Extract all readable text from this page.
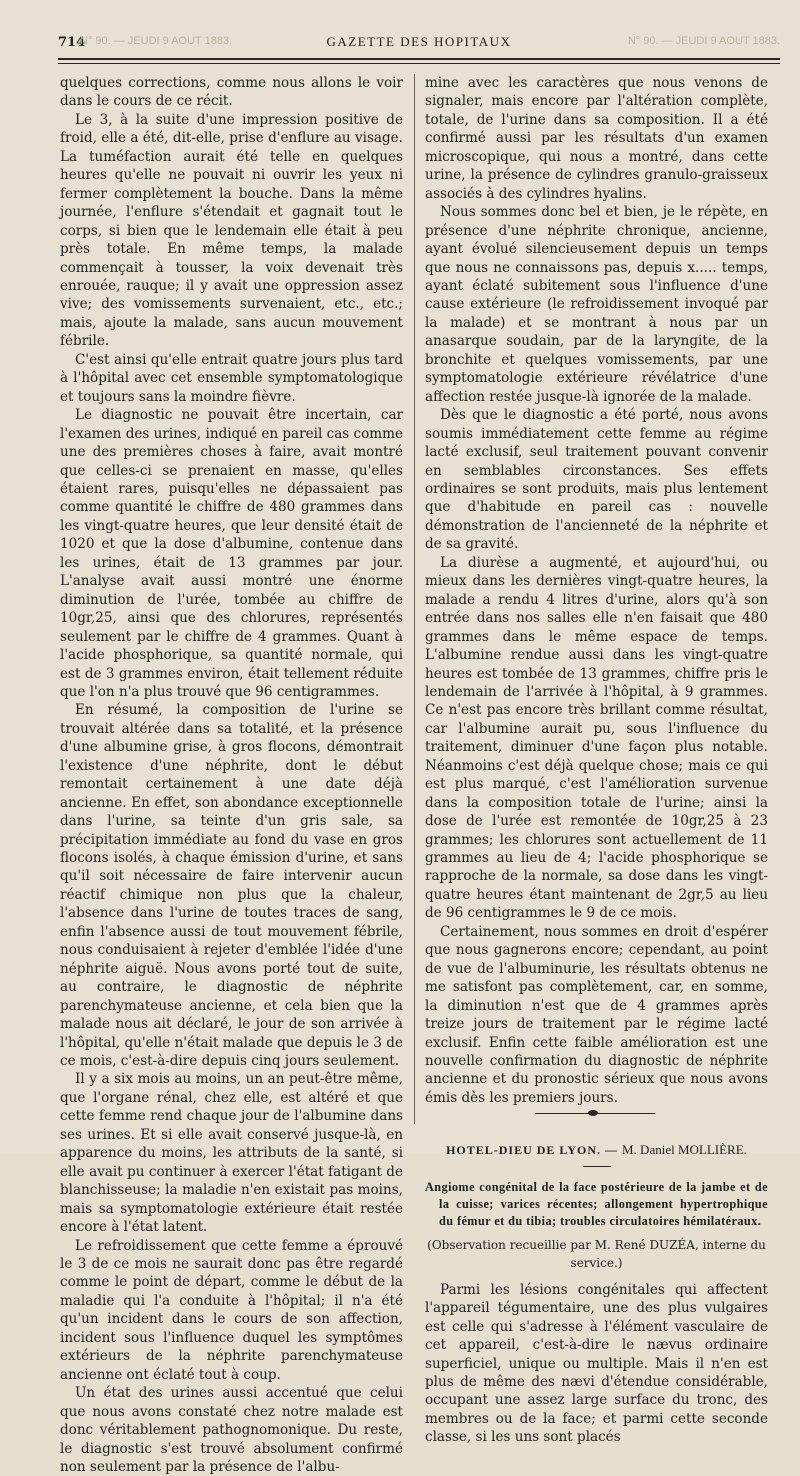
714
N° 90. — JEUDI 9 AOUT 1883.	GAZETTE DES HOPITAUX	N° 90. — JEUDI 9 AOUT 1883.

quelques corrections, comme nous allons le voir dans le cours de ce récit.

Le 3, à la suite d'une impression positive de froid, elle a été, dit-elle, prise d'enflure au visage. La tuméfaction aurait été telle en quelques heures qu'elle ne pouvait ni ouvrir les yeux ni fermer complètement la bouche. Dans la même journée, l'enflure s'étendait et gagnait tout le corps, si bien que le lendemain elle était à peu près totale. En même temps, la malade commençait à tousser, la voix devenait très enrouée, rauque; il y avait une oppression assez vive; des vomissements survenaient, etc., etc.; mais, ajoute la malade, sans aucun mouvement fébrile.

C'est ainsi qu'elle entrait quatre jours plus tard à l'hôpital avec cet ensemble symptomatologique et toujours sans la moindre fièvre.

Le diagnostic ne pouvait être incertain, car l'examen des urines, indiqué en pareil cas comme une des premières choses à faire, avait montré que celles-ci se prenaient en masse, qu'elles étaient rares, puisqu'elles ne dépassaient pas comme quantité le chiffre de 480 grammes dans les vingt-quatre heures, que leur densité était de 1020 et que la dose d'albumine, contenue dans les urines, était de 13 grammes par jour. L'analyse avait aussi montré une énorme diminution de l'urée, tombée au chiffre de 10gr,25, ainsi que des chlorures, représentés seulement par le chiffre de 4 grammes. Quant à l'acide phosphorique, sa quantité normale, qui est de 3 grammes environ, était tellement réduite que l'on n'a plus trouvé que 96 centigrammes.

En résumé, la composition de l'urine se trouvait altérée dans sa totalité, et la présence d'une albumine grise, à gros flocons, démontrait l'existence d'une néphrite, dont le début remontait certainement à une date déjà ancienne. En effet, son abondance exceptionnelle dans l'urine, sa teinte d'un gris sale, sa précipitation immédiate au fond du vase en gros flocons isolés, à chaque émission d'urine, et sans qu'il soit nécessaire de faire intervenir aucun réactif chimique non plus que la chaleur, l'absence dans l'urine de toutes traces de sang, enfin l'absence aussi de tout mouvement fébrile, nous conduisaient à rejeter d'emblée l'idée d'une néphrite aiguë. Nous avons porté tout de suite, au contraire, le diagnostic de néphrite parenchymateuse ancienne, et cela bien que la malade nous ait déclaré, le jour de son arrivée à l'hôpital, qu'elle n'était malade que depuis le 3 de ce mois, c'est-à-dire depuis cinq jours seulement.

Il y a six mois au moins, un an peut-être même, que l'organe rénal, chez elle, est altéré et que cette femme rend chaque jour de l'albumine dans ses urines. Et si elle avait conservé jusque-là, en apparence du moins, les attributs de la santé, si elle avait pu continuer à exercer l'état fatigant de blanchisseuse; la maladie n'en existait pas moins, mais sa symptomatologie extérieure était restée encore à l'état latent.

Le refroidissement que cette femme a éprouvé le 3 de ce mois ne saurait donc pas être regardé comme le point de départ, comme le début de la maladie qui l'a conduite à l'hôpital; il n'a été qu'un incident dans le cours de son affection, incident sous l'influence duquel les symptômes extérieurs de la néphrite parenchymateuse ancienne ont éclaté tout à coup.

Un état des urines aussi accentué que celui que nous avons constaté chez notre malade est donc véritablement pathognomonique. Du reste, le diagnostic s'est trouvé absolument confirmé non seulement par la présence de l'albu-

mine avec les caractères que nous venons de signaler, mais encore par l'altération complète, totale, de l'urine dans sa composition. Il a été confirmé aussi par les résultats d'un examen microscopique, qui nous a montré, dans cette urine, la présence de cylindres granulo-graisseux associés à des cylindres hyalins.

Nous sommes donc bel et bien, je le répète, en présence d'une néphrite chronique, ancienne, ayant évolué silencieusement depuis un temps que nous ne connaissons pas, depuis x..... temps, ayant éclaté subitement sous l'influence d'une cause extérieure (le refroidissement invoqué par la malade) et se montrant à nous par un anasarque soudain, par de la laryngite, de la bronchite et quelques vomissements, par une symptomatologie extérieure révélatrice d'une affection restée jusque-là ignorée de la malade.

Dès que le diagnostic a été porté, nous avons soumis immédiatement cette femme au régime lacté exclusif, seul traitement pouvant convenir en semblables circonstances. Ses effets ordinaires se sont produits, mais plus lentement que d'habitude en pareil cas : nouvelle démonstration de l'ancienneté de la néphrite et de sa gravité.

La diurèse a augmenté, et aujourd'hui, ou mieux dans les dernières vingt-quatre heures, la malade a rendu 4 litres d'urine, alors qu'à son entrée dans nos salles elle n'en faisait que 480 grammes dans le même espace de temps. L'albumine rendue aussi dans les vingt-quatre heures est tombée de 13 grammes, chiffre pris le lendemain de l'arrivée à l'hôpital, à 9 grammes. Ce n'est pas encore très brillant comme résultat, car l'albumine aurait pu, sous l'influence du traitement, diminuer d'une façon plus notable. Néanmoins c'est déjà quelque chose; mais ce qui est plus marqué, c'est l'amélioration survenue dans la composition totale de l'urine; ainsi la dose de l'urée est remontée de 10gr,25 à 23 grammes; les chlorures sont actuellement de 11 grammes au lieu de 4; l'acide phosphorique se rapproche de la normale, sa dose dans les vingt-quatre heures étant maintenant de 2gr,5 au lieu de 96 centigrammes le 9 de ce mois.

Certainement, nous sommes en droit d'espérer que nous gagnerons encore; cependant, au point de vue de l'albuminurie, les résultats obtenus ne me satisfont pas complètement, car, en somme, la diminution n'est que de 4 grammes après treize jours de traitement par le régime lacté exclusif. Enfin cette faible amélioration est une nouvelle confirmation du diagnostic de néphrite ancienne et du pronostic sérieux que nous avons émis dès les premiers jours.

HOTEL-DIEU DE LYON. — M. Daniel MOLLIÈRE.
Angiome congénital de la face postérieure de la jambe et de la cuisse; varices récentes; allongement hypertrophique du fémur et du tibia; troubles circulatoires hémilatéraux.
(Observation recueillie par M. René DUZÉA, interne du service.)

Parmi les lésions congénitales qui affectent l'appareil tégumentaire, une des plus vulgaires est celle qui s'adresse à l'élément vasculaire de cet appareil, c'est-à-dire le nævus ordinaire superficiel, unique ou multiple. Mais il n'en est plus de même des nævi d'étendue considérable, occupant une assez large surface du tronc, des membres ou de la face; et parmi cette seconde classe, si les uns sont placés
